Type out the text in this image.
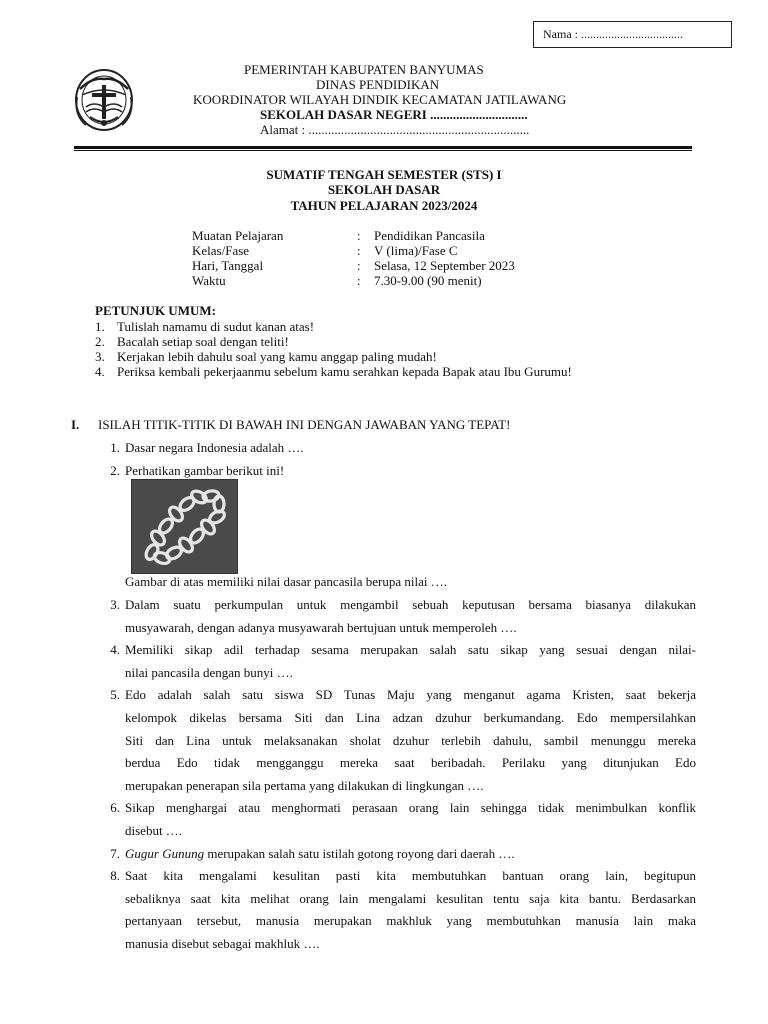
Nama : ..................................
PEMERINTAH KABUPATEN BANYUMAS
DINAS PENDIDIKAN
KOORDINATOR WILAYAH DINDIK KECAMATAN JATILAWANG
SEKOLAH DASAR NEGERI ..............................
Alamat : ....................................................................
SUMATIF TENGAH SEMESTER (STS) I
SEKOLAH DASAR
TAHUN PELAJARAN 2023/2024
Muatan Pelajaran	: Pendidikan Pancasila
Kelas/Fase	: V (lima)/Fase C
Hari, Tanggal	: Selasa, 12 September 2023
Waktu	: 7.30-9.00 (90 menit)
PETUNJUK UMUM:
1. Tulislah namamu di sudut kanan atas!
2. Bacalah setiap soal dengan teliti!
3. Kerjakan lebih dahulu soal yang kamu anggap paling mudah!
4. Periksa kembali pekerjaanmu sebelum kamu serahkan kepada Bapak atau Ibu Gurumu!
I. ISILAH TITIK-TITIK DI BAWAH INI DENGAN JAWABAN YANG TEPAT!
1. Dasar negara Indonesia adalah ….
2. Perhatikan gambar berikut ini!
Gambar di atas memiliki nilai dasar pancasila berupa nilai ….
3. Dalam suatu perkumpulan untuk mengambil sebuah keputusan bersama biasanya dilakukan
musyawarah, dengan adanya musyawarah bertujuan untuk memperoleh ….
4. Memiliki sikap adil terhadap sesama merupakan salah satu sikap yang sesuai dengan nilai-
nilai pancasila dengan bunyi ….
5. Edo adalah salah satu siswa SD Tunas Maju yang menganut agama Kristen, saat bekerja
kelompok dikelas bersama Siti dan Lina adzan dzuhur berkumandang. Edo mempersilahkan
Siti dan Lina untuk melaksanakan sholat dzuhur terlebih dahulu, sambil menunggu mereka
berdua Edo tidak mengganggu mereka saat beribadah. Perilaku yang ditunjukan Edo
merupakan penerapan sila pertama yang dilakukan di lingkungan ….
6. Sikap menghargai atau menghormati perasaan orang lain sehingga tidak menimbulkan konflik
disebut ….
7. Gugur Gunung merupakan salah satu istilah gotong royong dari daerah ….
8. Saat kita mengalami kesulitan pasti kita membutuhkan bantuan orang lain, begitupun
sebaliknya saat kita melihat orang lain mengalami kesulitan tentu saja kita bantu. Berdasarkan
pertanyaan tersebut, manusia merupakan makhluk yang membutuhkan manusia lain maka
manusia disebut sebagai makhluk ….
